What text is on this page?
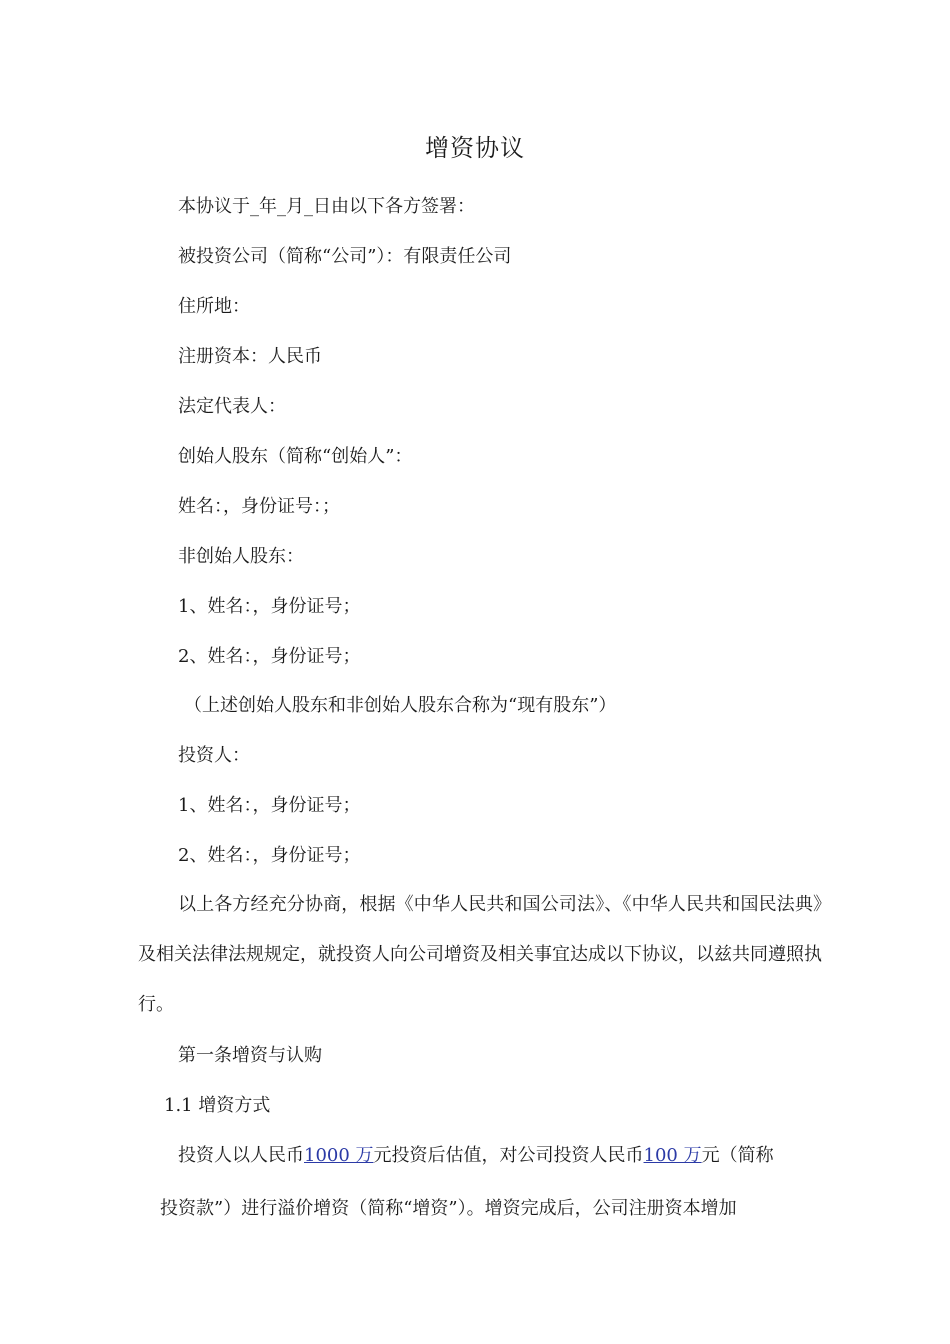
增资协议
本协议于_年_月_日由以下各方签署：
被投资公司（简称“公司”）：有限责任公司
住所地：
注册资本：人民币
法定代表人：
创始人股东（简称“创始人”：
姓名：，身份证号：；
非创始人股东：
1、姓名：，身份证号；
2、姓名：，身份证号；
（上述创始人股东和非创始人股东合称为“现有股东”）
投资人：
1、姓名：，身份证号；
2、姓名：，身份证号；
以上各方经充分协商，根据《中华人民共和国公司法》、《中华人民共和国民法典》及相关法律法规规定，就投资人向公司增资及相关事宜达成以下协议，以兹共同遵照执行。
第一条增资与认购
1.1 增资方式
投资人以人民币1000 万元投资后估值，对公司投资人民币100 万元（简称
投资款”）进行溢价增资（简称“增资”）。增资完成后，公司注册资本增加
